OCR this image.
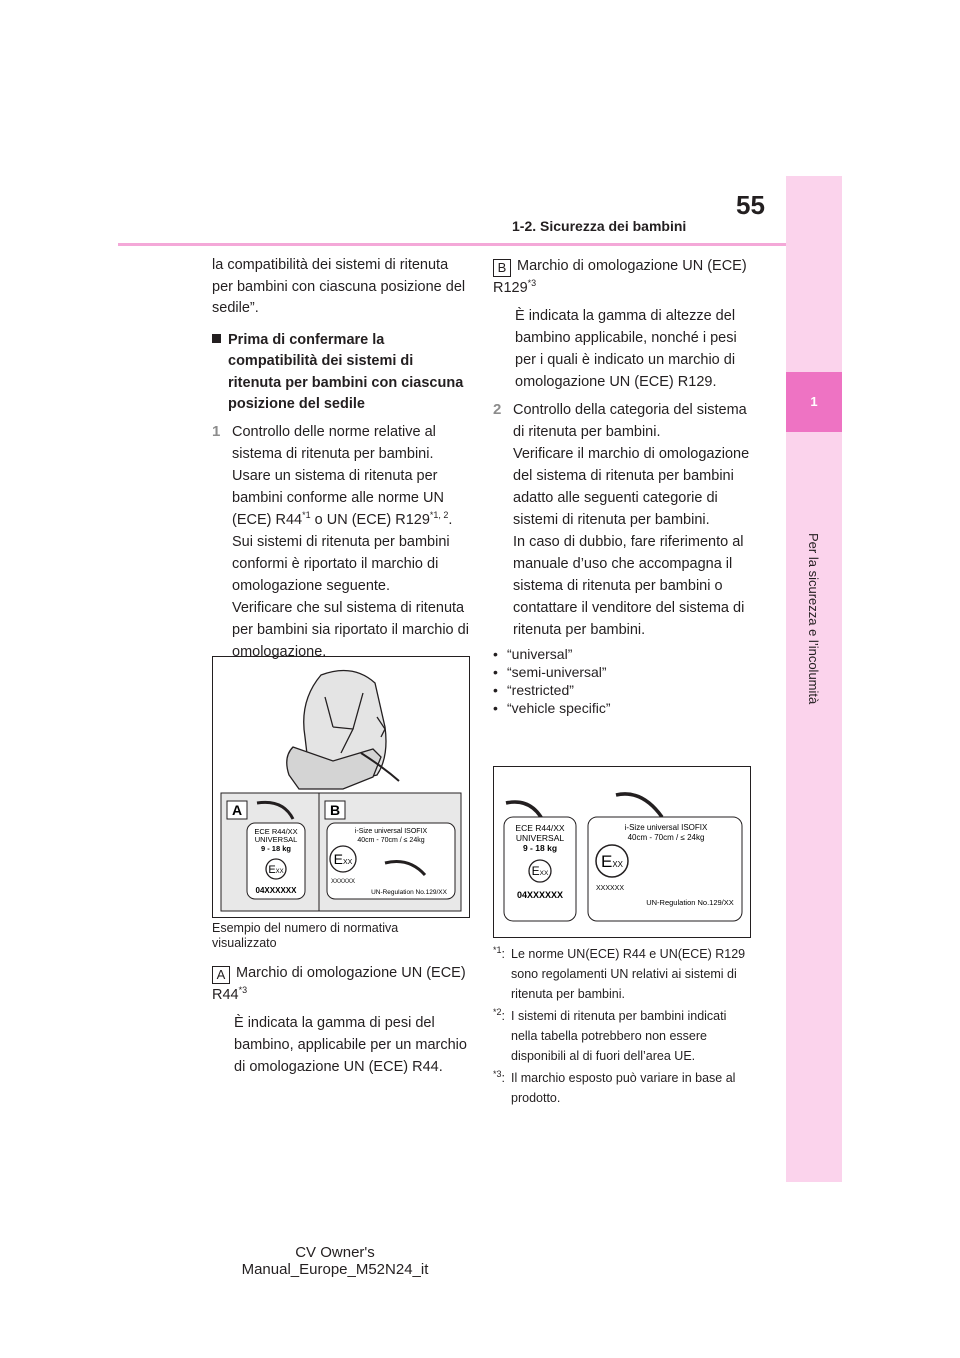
1
Per la sicurezza e l’incolumità
55
1-2. Sicurezza dei bambini

la compatibilità dei sistemi di ritenuta per bambini con ciascuna posizione del sedile”.

Prima di confermare la compatibilità dei sistemi di ritenuta per bambini con ciascuna posizione del sedile

1 Controllo delle norme relative al sistema di ritenuta per bambini.

Usare un sistema di ritenuta per bambini conforme alle norme UN (ECE) R44$^{*1}$ o UN (ECE) R129$^{*1, 2}$.

Sui sistemi di ritenuta per bambini conformi è riportato il marchio di omologazione seguente.

Verificare che sul sistema di ritenuta per bambini sia riportato il marchio di omologazione.

A	B
ECE R44/XX
UNIVERSAL
9 - 18 kg
EXX
04XXXXXX
i-Size universal ISOFIX
40cm - 70cm / ≤ 24kg
EXX
XXXXXX
UN-Regulation No.129/XX
Esempio del numero di normativa visualizzato

A Marchio di omologazione UN (ECE) R44$^{*3}$

È indicata la gamma di pesi del bambino, applicabile per un marchio di omologazione UN (ECE) R44.

B Marchio di omologazione UN (ECE) R129$^{*3}$

È indicata la gamma di altezze del bambino applicabile, nonché i pesi per i quali è indicato un marchio di omologazione UN (ECE) R129.

2 Controllo della categoria del sistema di ritenuta per bambini.

Verificare il marchio di omologazione del sistema di ritenuta per bambini adatto alle seguenti categorie di sistemi di ritenuta per bambini.

In caso di dubbio, fare riferimento al manuale d’uso che accompagna il sistema di ritenuta per bambini o contattare il venditore del sistema di ritenuta per bambini.

• “universal”
• “semi-universal”
• “restricted”
• “vehicle specific”
ECE R44/XX
UNIVERSAL
9 - 18 kg
EXX
04XXXXXX
i-Size universal ISOFIX
40cm - 70cm / ≤ 24kg
EXX
XXXXXX
UN-Regulation No.129/XX
$^{*1}$: Le norme UN(ECE) R44 e UN(ECE) R129 sono regolamenti UN relativi ai sistemi di ritenuta per bambini.
$^{*2}$: I sistemi di ritenuta per bambini indicati nella tabella potrebbero non essere disponibili al di fuori dell’area UE.
$^{*3}$: Il marchio esposto può variare in base al prodotto.
CV Owner's Manual_Europe_M52N24_it
